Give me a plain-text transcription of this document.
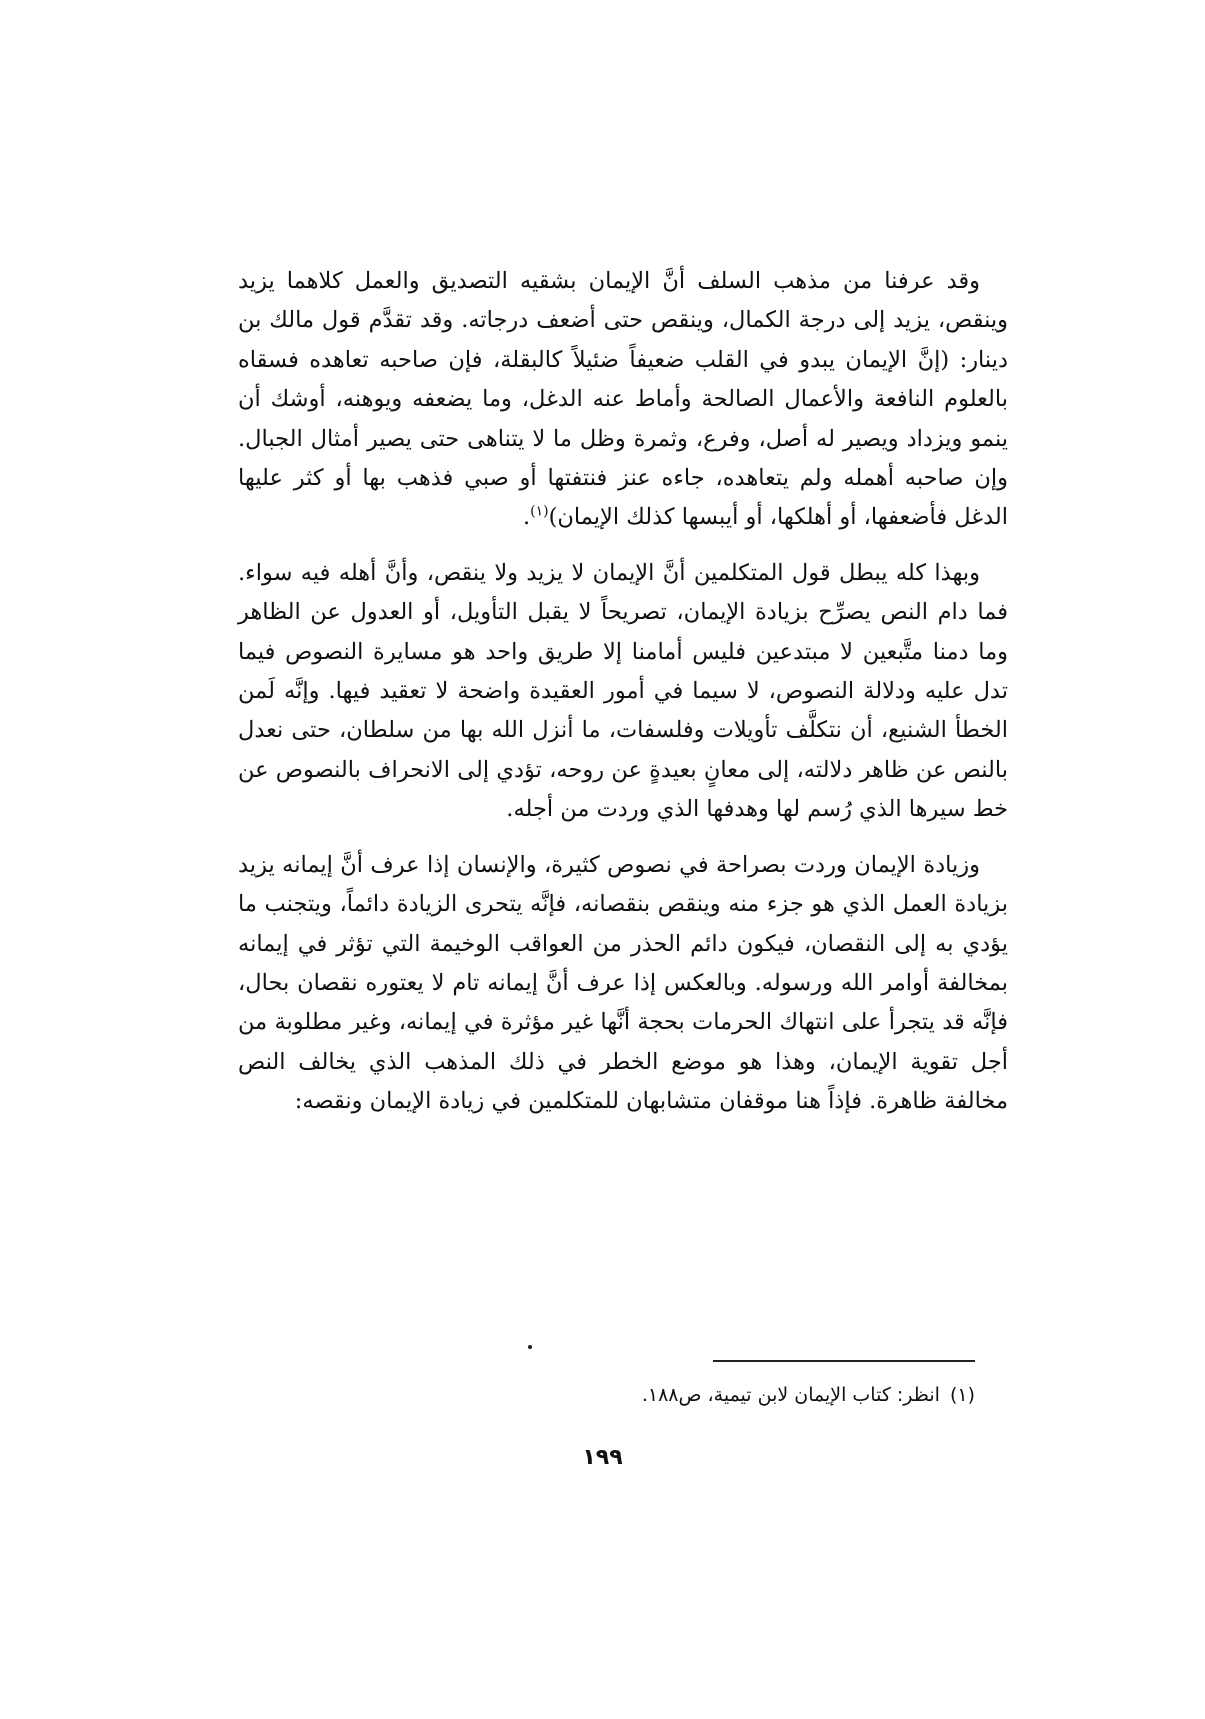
وقد عرفنا من مذهب السلف أنَّ الإيمان بشقيه التصديق والعمل كلاهما يزيد وينقص، يزيد إلى درجة الكمال، وينقص حتى أضعف درجاته. وقد تقدَّم قول مالك بن دينار: (إنَّ الإيمان يبدو في القلب ضعيفاً ضئيلاً كالبقلة، فإن صاحبه تعاهده فسقاه بالعلوم النافعة والأعمال الصالحة وأماط عنه الدغل، وما يضعفه ويوهنه، أوشك أن ينمو ويزداد ويصير له أصل، وفرع، وثمرة وظل ما لا يتناهى حتى يصير أمثال الجبال. وإن صاحبه أهمله ولم يتعاهده، جاءه عنز فنتفتها أو صبي فذهب بها أو كثر عليها الدغل فأضعفها، أو أهلكها، أو أيبسها كذلك الإيمان)$^{(١)}$.

وبهذا كله يبطل قول المتكلمين أنَّ الإيمان لا يزيد ولا ينقص، وأنَّ أهله فيه سواء. فما دام النص يصرِّح بزيادة الإيمان، تصريحاً لا يقبل التأويل، أو العدول عن الظاهر وما دمنا متَّبعين لا مبتدعين فليس أمامنا إلا طريق واحد هو مسايرة النصوص فيما تدل عليه ودلالة النصوص، لا سيما في أمور العقيدة واضحة لا تعقيد فيها. وإنَّه لَمن الخطأ الشنيع، أن نتكلَّف تأويلات وفلسفات، ما أنزل الله بها من سلطان، حتى نعدل بالنص عن ظاهر دلالته، إلى معانٍ بعيدةٍ عن روحه، تؤدي إلى الانحراف بالنصوص عن خط سيرها الذي رُسم لها وهدفها الذي وردت من أجله.

وزيادة الإيمان وردت بصراحة في نصوص كثيرة، والإنسان إذا عرف أنَّ إيمانه يزيد بزيادة العمل الذي هو جزء منه وينقص بنقصانه، فإنَّه يتحرى الزيادة دائماً، ويتجنب ما يؤدي به إلى النقصان، فيكون دائم الحذر من العواقب الوخيمة التي تؤثر في إيمانه بمخالفة أوامر الله ورسوله. وبالعكس إذا عرف أنَّ إيمانه تام لا يعتوره نقصان بحال، فإنَّه قد يتجرأ على انتهاك الحرمات بحجة أنَّها غير مؤثرة في إيمانه، وغير مطلوبة من أجل تقوية الإيمان، وهذا هو موضع الخطر في ذلك المذهب الذي يخالف النص مخالفة ظاهرة. فإذاً هنا موقفان متشابهان للمتكلمين في زيادة الإيمان ونقصه:

(١)انظر: كتاب الإيمان لابن تيمية، ص١٨٨.
١٩٩
